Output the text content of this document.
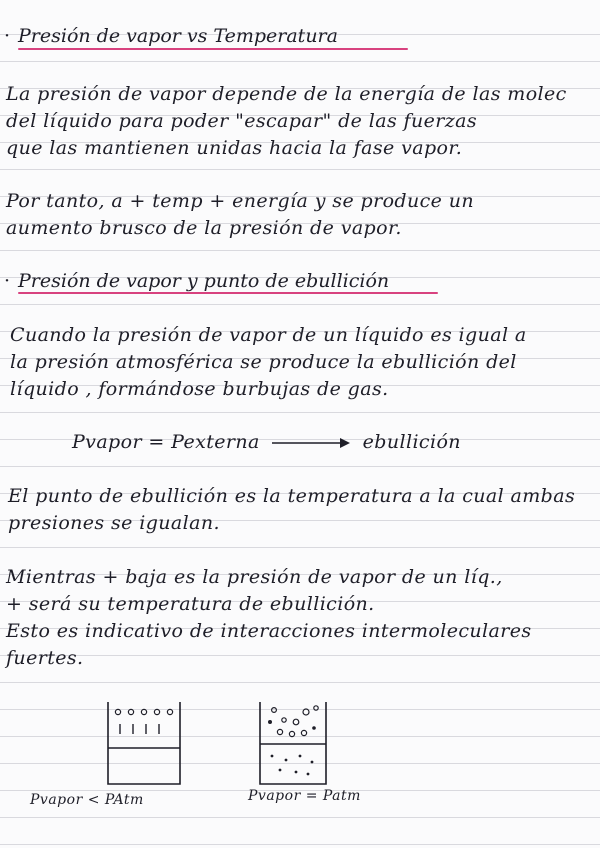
· Presión de vapor vs Temperatura
La presión de vapor depende de la energía de las molec
del líquido para poder "escapar" de las fuerzas
que las mantienen unidas hacia la fase vapor.
Por tanto, a + temp + energía y se produce un
aumento brusco de la presión de vapor.
· Presión de vapor y punto de ebullición
Cuando la presión de vapor de un líquido es igual a
la presión atmosférica se produce la ebullición del
líquido , formándose burbujas de gas.
Pvapor = Pexterna	ebullición
El punto de ebullición es la temperatura a la cual ambas
presiones se igualan.
Mientras + baja es la presión de vapor de un líq.,
+ será su temperatura de ebullición.
Esto es indicativo de interacciones intermoleculares
fuertes.
Pvapor < PAtm	Pvapor = Patm
